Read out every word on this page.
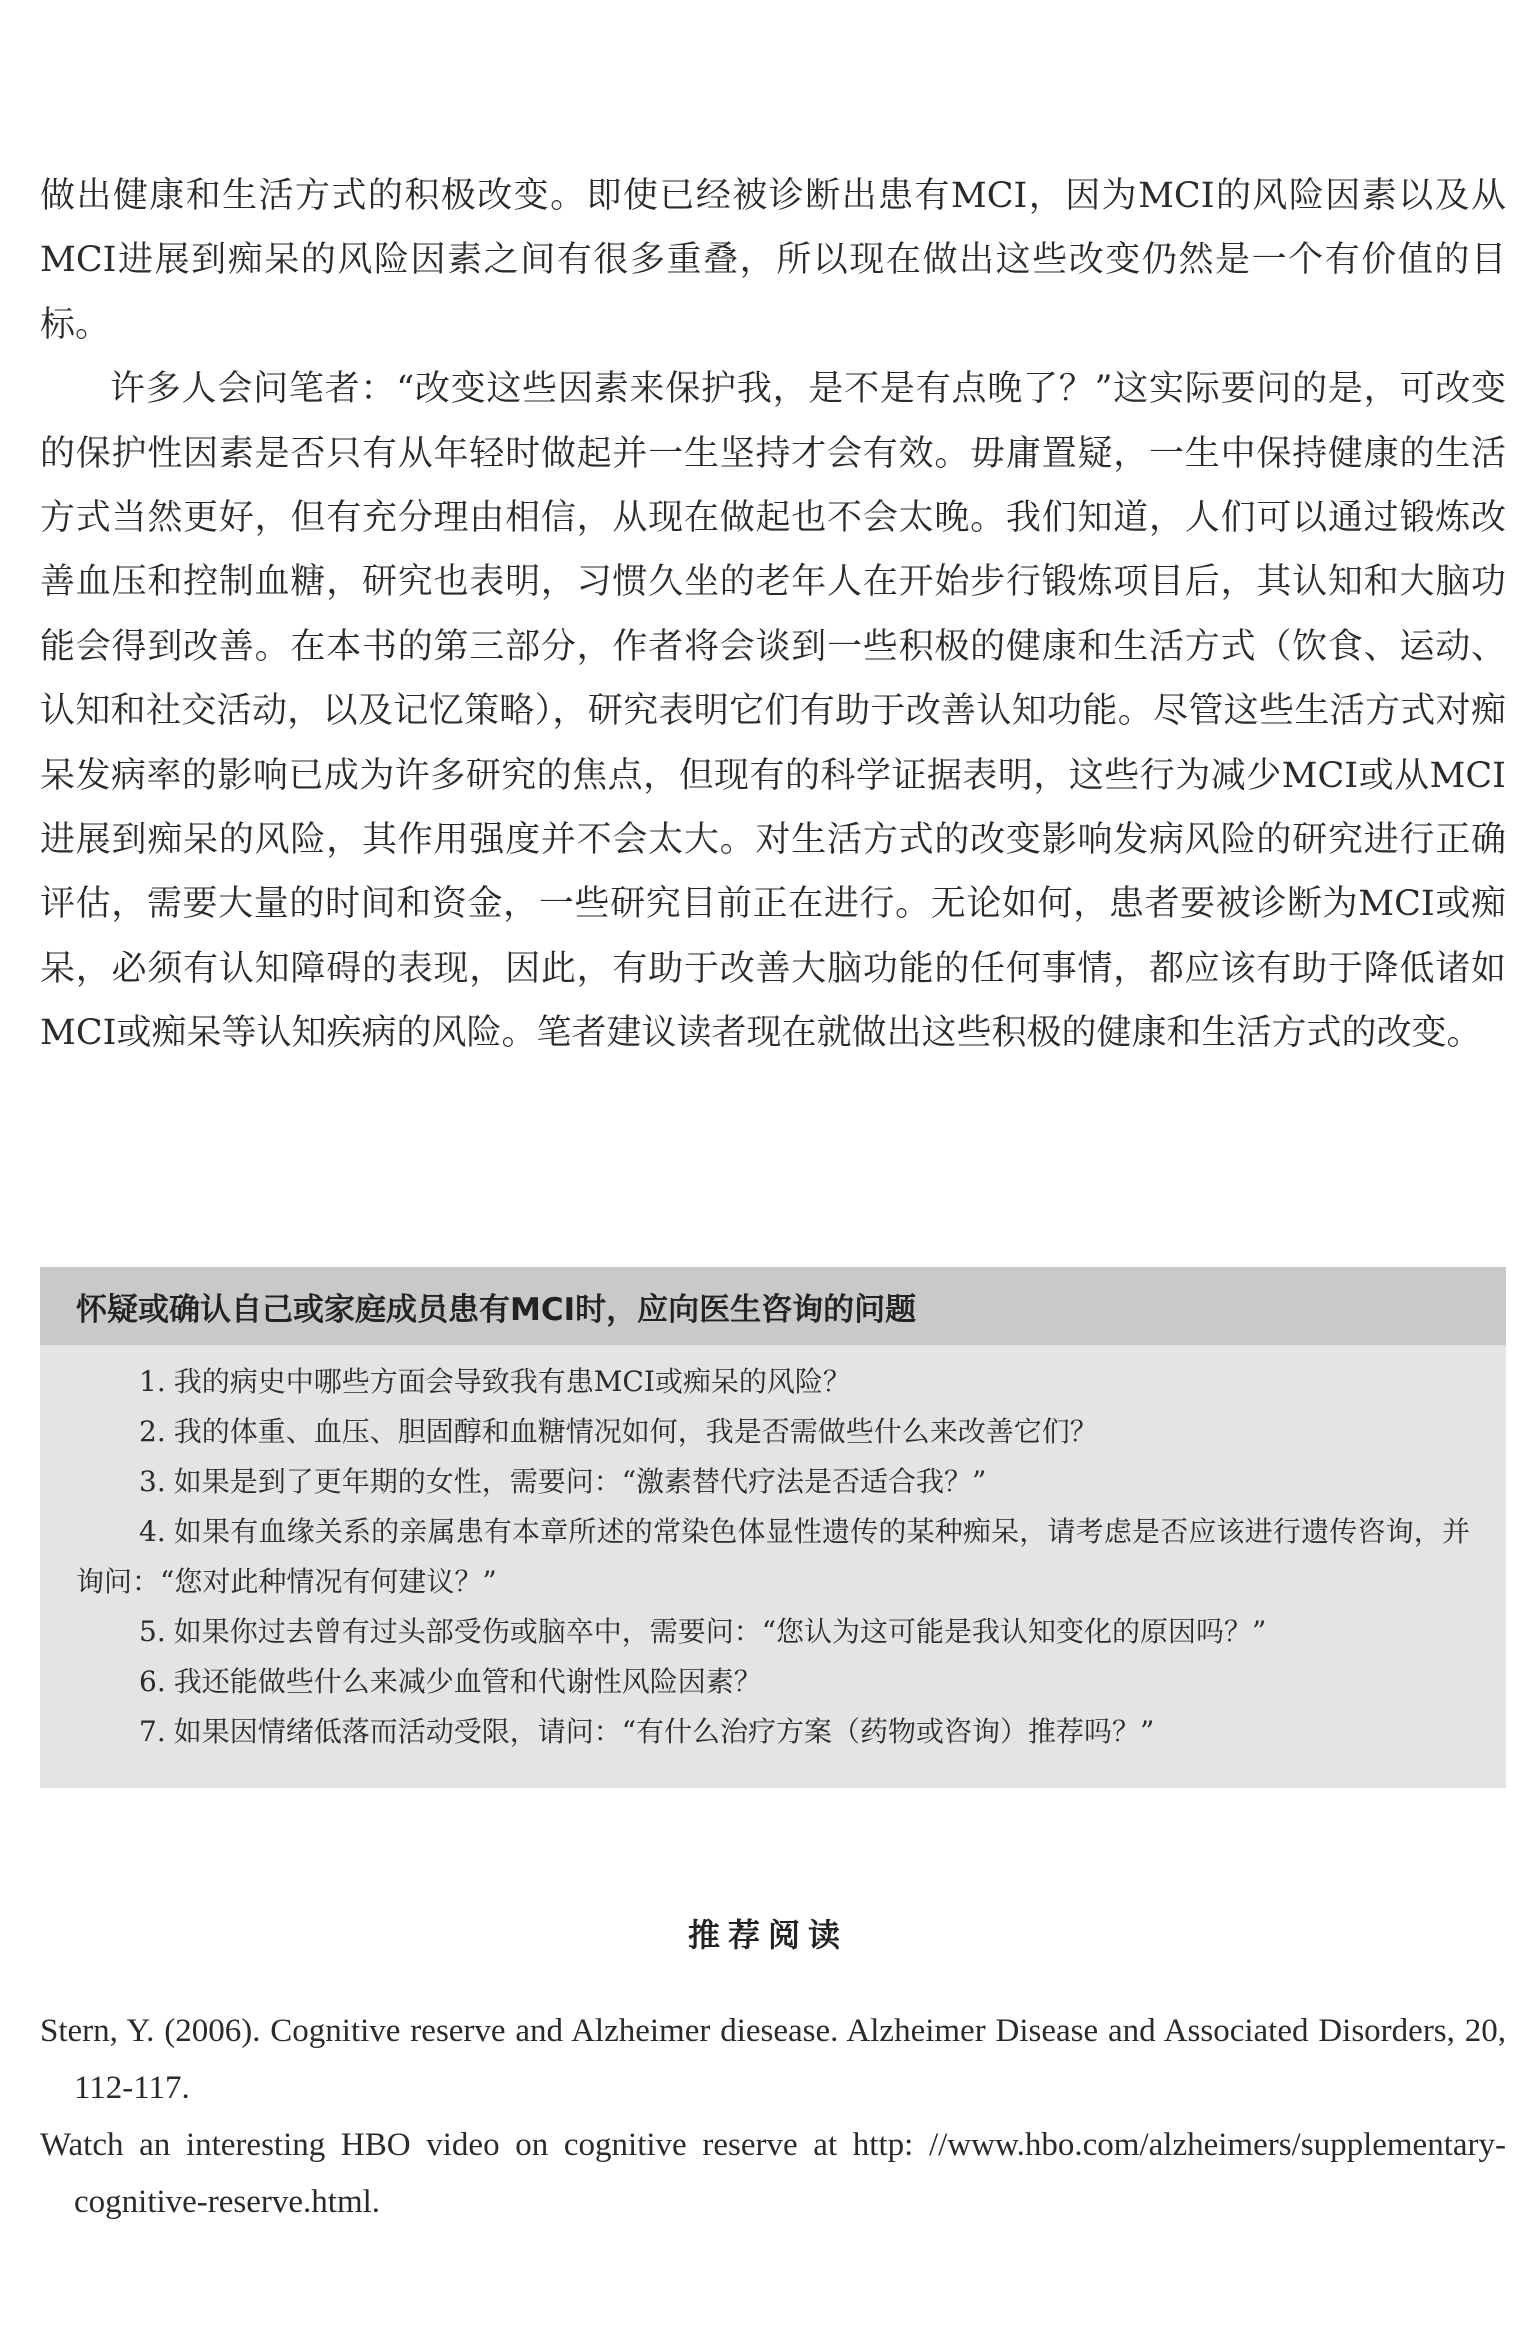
做出健康和生活方式的积极改变。即使已经被诊断出患有MCI，因为MCI的风险因素以及从MCI进展到痴呆的风险因素之间有很多重叠，所以现在做出这些改变仍然是一个有价值的目标。

许多人会问笔者：“改变这些因素来保护我，是不是有点晚了？”这实际要问的是，可改变的保护性因素是否只有从年轻时做起并一生坚持才会有效。毋庸置疑，一生中保持健康的生活方式当然更好，但有充分理由相信，从现在做起也不会太晚。我们知道，人们可以通过锻炼改善血压和控制血糖，研究也表明，习惯久坐的老年人在开始步行锻炼项目后，其认知和大脑功能会得到改善。在本书的第三部分，作者将会谈到一些积极的健康和生活方式（饮食、运动、认知和社交活动，以及记忆策略），研究表明它们有助于改善认知功能。尽管这些生活方式对痴呆发病率的影响已成为许多研究的焦点，但现有的科学证据表明，这些行为减少MCI或从MCI进展到痴呆的风险，其作用强度并不会太大。对生活方式的改变影响发病风险的研究进行正确评估，需要大量的时间和资金，一些研究目前正在进行。无论如何，患者要被诊断为MCI或痴呆，必须有认知障碍的表现，因此，有助于改善大脑功能的任何事情，都应该有助于降低诸如MCI或痴呆等认知疾病的风险。笔者建议读者现在就做出这些积极的健康和生活方式的改变。

怀疑或确认自己或家庭成员患有MCI时，应向医生咨询的问题
1. 我的病史中哪些方面会导致我有患MCI或痴呆的风险？
2. 我的体重、血压、胆固醇和血糖情况如何，我是否需做些什么来改善它们？
3. 如果是到了更年期的女性，需要问：“激素替代疗法是否适合我？”
4. 如果有血缘关系的亲属患有本章所述的常染色体显性遗传的某种痴呆，请考虑是否应该进行遗传咨询，并询问：“您对此种情况有何建议？”
5. 如果你过去曾有过头部受伤或脑卒中，需要问：“您认为这可能是我认知变化的原因吗？”
6. 我还能做些什么来减少血管和代谢性风险因素？
7. 如果因情绪低落而活动受限，请问：“有什么治疗方案（药物或咨询）推荐吗？”
推荐阅读
Stern, Y. (2006). Cognitive reserve and Alzheimer diesease. Alzheimer Disease and Associated Disorders, 20, 112-117.
Watch an interesting HBO video on cognitive reserve at http: //www.hbo.com/alzheimers/supplementary-cognitive-reserve.html.
